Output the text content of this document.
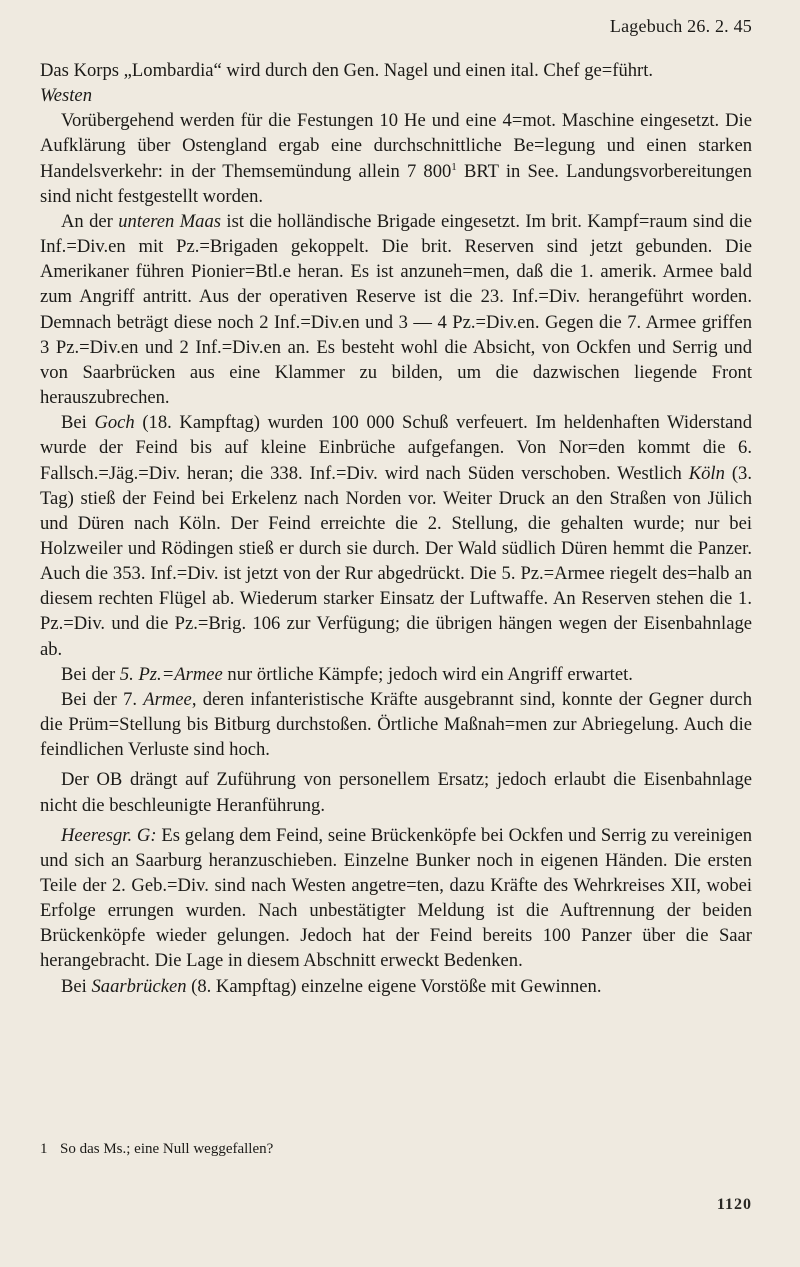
Lagebuch 26. 2. 45

Das Korps „Lombardia“ wird durch den Gen. Nagel und einen ital. Chef ge=führt.

Westen

Vorübergehend werden für die Festungen 10 He und eine 4=mot. Maschine eingesetzt. Die Aufklärung über Ostengland ergab eine durchschnittliche Be=legung und einen starken Handelsverkehr: in der Themsemündung allein 7 $800^1$ BRT in See. Landungsvorbereitungen sind nicht festgestellt worden.

An der unteren Maas ist die holländische Brigade eingesetzt. Im brit. Kampf=raum sind die Inf.=Div.en mit Pz.=Brigaden gekoppelt. Die brit. Reserven sind jetzt gebunden. Die Amerikaner führen Pionier=Btl.e heran. Es ist anzuneh=men, daß die 1. amerik. Armee bald zum Angriff antritt. Aus der operativen Reserve ist die 23. Inf.=Div. herangeführt worden. Demnach beträgt diese noch 2 Inf.=Div.en und 3 — 4 Pz.=Div.en. Gegen die 7. Armee griffen 3 Pz.=Div.en und 2 Inf.=Div.en an. Es besteht wohl die Absicht, von Ockfen und Serrig und von Saarbrücken aus eine Klammer zu bilden, um die dazwischen liegende Front herauszubrechen.

Bei Goch (18. Kampftag) wurden 100 000 Schuß verfeuert. Im heldenhaften Widerstand wurde der Feind bis auf kleine Einbrüche aufgefangen. Von Nor=den kommt die 6. Fallsch.=Jäg.=Div. heran; die 338. Inf.=Div. wird nach Süden verschoben. Westlich Köln (3. Tag) stieß der Feind bei Erkelenz nach Norden vor. Weiter Druck an den Straßen von Jülich und Düren nach Köln. Der Feind erreichte die 2. Stellung, die gehalten wurde; nur bei Holzweiler und Rödingen stieß er durch sie durch. Der Wald südlich Düren hemmt die Panzer. Auch die 353. Inf.=Div. ist jetzt von der Rur abgedrückt. Die 5. Pz.=Armee riegelt des=halb an diesem rechten Flügel ab. Wiederum starker Einsatz der Luftwaffe. An Reserven stehen die 1. Pz.=Div. und die Pz.=Brig. 106 zur Verfügung; die übrigen hängen wegen der Eisenbahnlage ab.

Bei der 5. Pz.=Armee nur örtliche Kämpfe; jedoch wird ein Angriff erwartet.

Bei der 7. Armee, deren infanteristische Kräfte ausgebrannt sind, konnte der Gegner durch die Prüm=Stellung bis Bitburg durchstoßen. Örtliche Maßnah=men zur Abriegelung. Auch die feindlichen Verluste sind hoch.

Der OB drängt auf Zuführung von personellem Ersatz; jedoch erlaubt die Eisenbahnlage nicht die beschleunigte Heranführung.

Heeresgr. G: Es gelang dem Feind, seine Brückenköpfe bei Ockfen und Serrig zu vereinigen und sich an Saarburg heranzuschieben. Einzelne Bunker noch in eigenen Händen. Die ersten Teile der 2. Geb.=Div. sind nach Westen angetre=ten, dazu Kräfte des Wehrkreises XII, wobei Erfolge errungen wurden. Nach unbestätigter Meldung ist die Auftrennung der beiden Brückenköpfe wieder gelungen. Jedoch hat der Feind bereits 100 Panzer über die Saar herangebracht. Die Lage in diesem Abschnitt erweckt Bedenken.

Bei Saarbrücken (8. Kampftag) einzelne eigene Vorstöße mit Gewinnen.

1 So das Ms.; eine Null weggefallen?
1120
